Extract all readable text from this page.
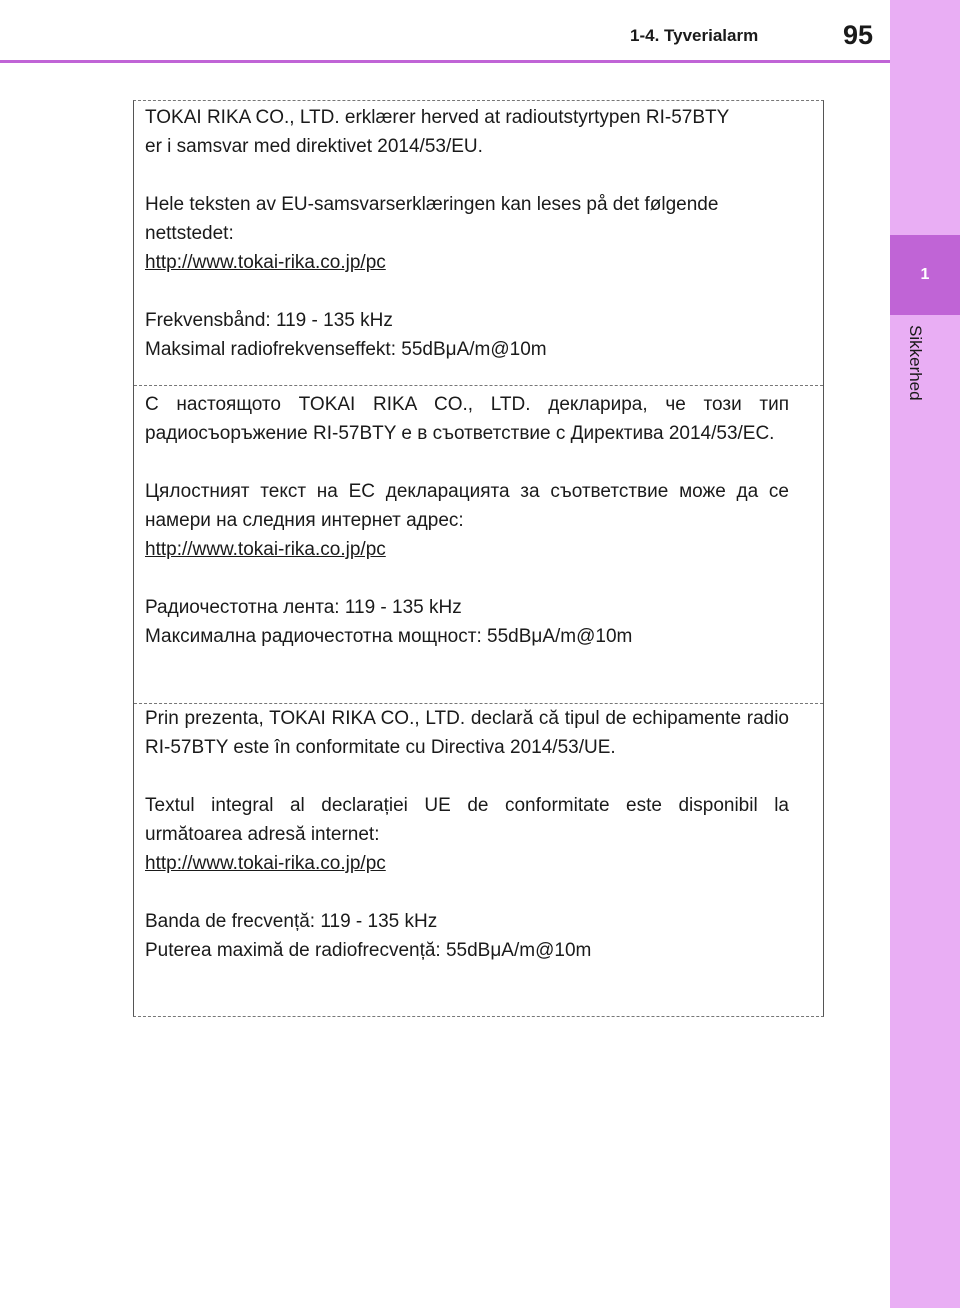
1
Sikkerhed
1-4. Tyverialarm	95

TOKAI RIKA CO., LTD. erklærer herved at radioutstyrtypen RI-57BTY

er i samsvar med direktivet 2014/53/EU.

Hele teksten av EU-samsvarserklæringen kan leses på det følgende

nettstedet:

http://www.tokai-rika.co.jp/pc

Frekvensbånd: 119 - 135 kHz

Maksimal radiofrekvenseffekt: 55dBμA/m@10m

С настоящото TOKAI RIKA CO., LTD. декларира, че този тип радиосъоръжение RI-57BTY е в съответствие с Директива 2014/53/ЕС.

Цялостният текст на ЕС декларацията за съответствие може да се намери на следния интернет адрес:

http://www.tokai-rika.co.jp/pc

Радиочестотна лента: 119 - 135 kHz

Максимална радиочестотна мощност: 55dBμA/m@10m

Prin prezenta, TOKAI RIKA CO., LTD. declară că tipul de echipamente radio RI-57BTY este în conformitate cu Directiva 2014/53/UE.

Textul integral al declarației UE de conformitate este disponibil la următoarea adresă internet:

http://www.tokai-rika.co.jp/pc

Banda de frecvență: 119 - 135 kHz

Puterea maximă de radiofrecvență: 55dBμA/m@10m
